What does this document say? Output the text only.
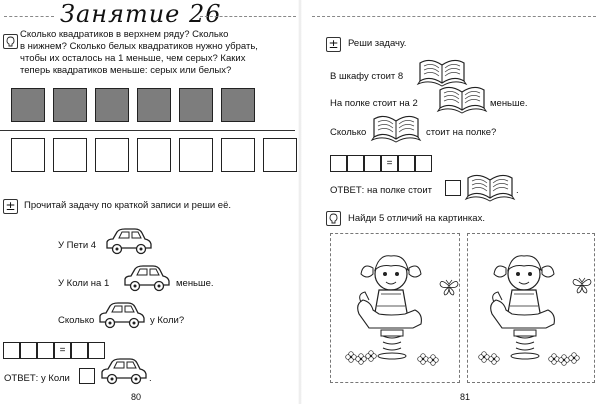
Занятие 26
Сколько квадратиков в верхнем ряду? Сколько
в нижнем? Сколько белых квадратиков нужно убрать,
чтобы их осталось на 1 меньше, чем серых? Каких
теперь квадратиков меньше: серых или белых?
± Прочитай задачу по краткой записи и реши её.
У Пети 4
У Коли на 1	меньше.
Сколько	у Коли?
=
ОТВЕТ: у Коли	.
80
± Реши задачу.
В шкафу стоит 8
На полке стоит на 2	меньше.
Сколько	стоит на полке?
=
ОТВЕТ: на полке стоит	.
Найди 5 отличий на картинках.
81
